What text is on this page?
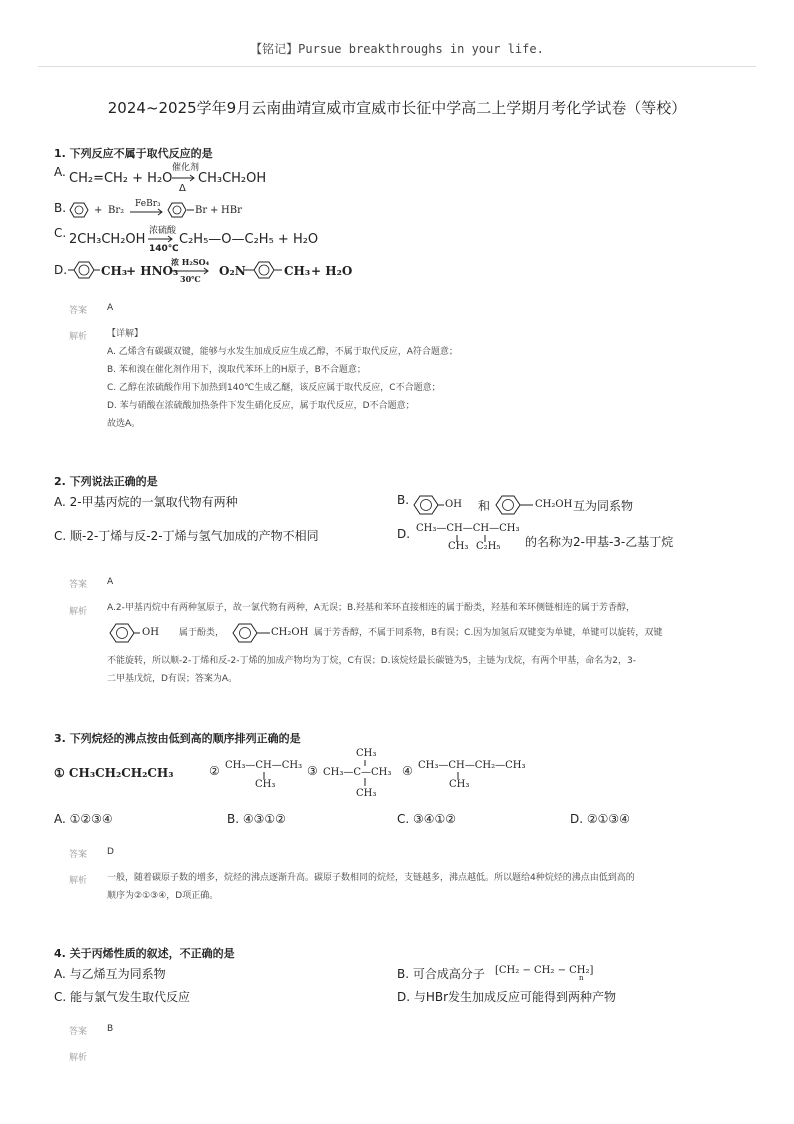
【铭记】Pursue breakthroughs in your life.
2024~2025学年9月云南曲靖宣威市宣威市长征中学高二上学期月考化学试卷（等校）
1. 下列反应不属于取代反应的是
A. CH₂=CH₂ + H₂O
催化剂
Δ
CH₃CH₂OH
B.	+ Br₂
FeBr₃
Br + HBr
C. 2CH₃CH₂OH
浓硫酸
140℃
C₂H₅—O—C₂H₅ + H₂O
D.	CH₃
+ HNO₃
浓 H₂SO₄
30℃
O₂N	CH₃ + H₂O
答案 A
解析 【详解】
A. 乙烯含有碳碳双键，能够与水发生加成反应生成乙醇，不属于取代反应，A符合题意；
B. 苯和溴在催化剂作用下，溴取代苯环上的H原子，B不合题意；
C. 乙醇在浓硫酸作用下加热到140℃生成乙醚，该反应属于取代反应，C不合题意；
D. 苯与硝酸在浓硫酸加热条件下发生硝化反应，属于取代反应，D不合题意；
故选A。
2. 下列说法正确的是
A. 2-甲基丙烷的一氯取代物有两种	B.	OH 和	CH₂OH 互为同系物
C. 顺-2-丁烯与反-2-丁烯与氢气加成的产物不相同	D. CH₃—CH—CH—CH₃
CH₃ C₂H₅ 的名称为2-甲基-3-乙基丁烷
答案 A
解析 A.2-甲基丙烷中有两种氢原子，故一氯代物有两种，A无误；B.羟基和苯环直接相连的属于酚类，羟基和苯环侧链相连的属于芳香醇，
OH 属于酚类，	CH₂OH 属于芳香醇，不属于同系物，B有误；C.因为加氢后双键变为单键，单键可以旋转，双键
不能旋转，所以顺-2-丁烯和反-2-丁烯的加成产物均为丁烷，C有误；D.该烷烃最长碳链为5，主链为戊烷，有两个甲基，命名为2，3-
二甲基戊烷，D有误；答案为A。
3. 下列烷烃的沸点按由低到高的顺序排列正确的是
① CH₃CH₂CH₂CH₃	② CH₃—CH—CH₃
CH₃
③
CH₃
CH₃—C—CH₃
CH₃
④ CH₃—CH—CH₂—CH₃
CH₃
A. ①②③④	B. ④③①②	C. ③④①②	D. ②①③④
答案 D
解析 一般，随着碳原子数的增多，烷烃的沸点逐渐升高。碳原子数相同的烷烃，支链越多，沸点越低。所以题给4种烷烃的沸点由低到高的
顺序为②①③④，D项正确。
4. 关于丙烯性质的叙述，不正确的是
A. 与乙烯互为同系物	B. 可合成高分子 [CH₂ − CH₂ − CH₂]
n
C. 能与氯气发生取代反应	D. 与HBr发生加成反应可能得到两种产物
答案 B
解析
